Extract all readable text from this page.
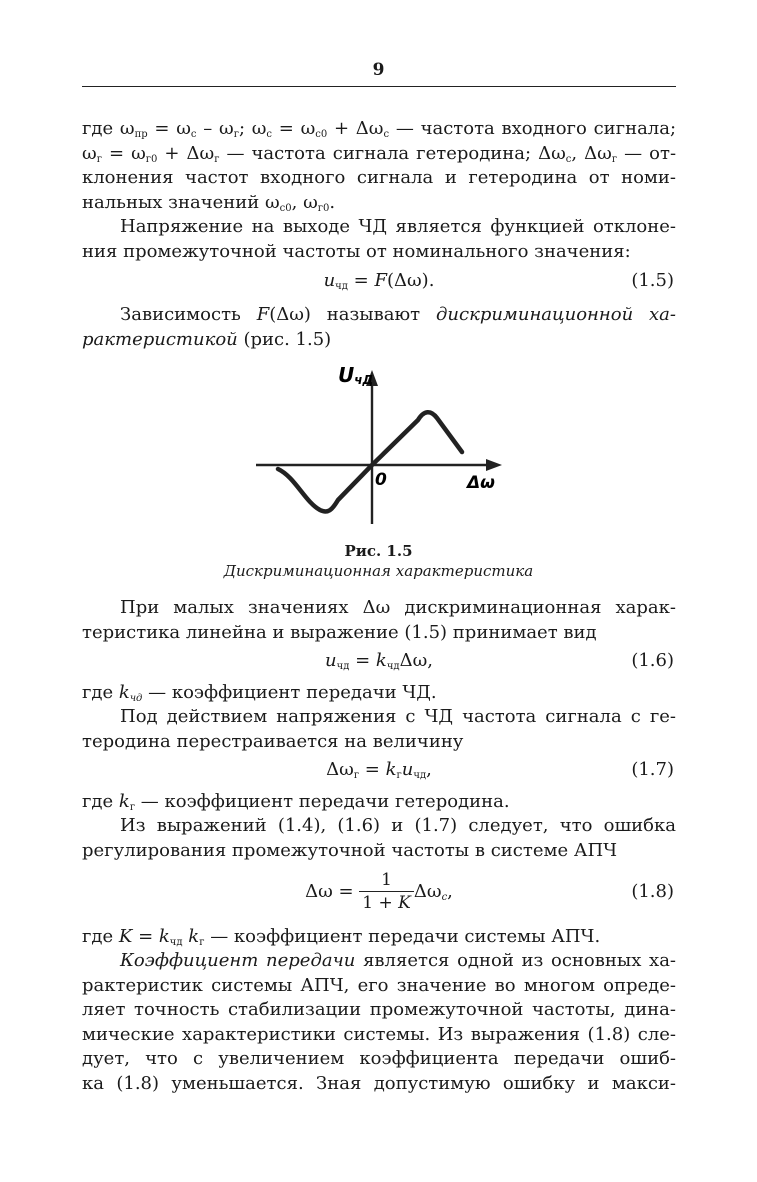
9
где $\omega_{пр} = \omega_с - \omega_г$; $\omega_с = \omega_{с0} + \Delta\omega_с$ — частота входного сигнала;
$\omega_г = \omega_{г0} + \Delta\omega_г$ — частота сигнала гетеродина; $\Delta\omega_с$, $\Delta\omega_г$ — от-
клонения частот входного сигнала и гетеродина от номи-
нальных значений $\omega_{с0}$, $\omega_{г0}$.
Напряжение на выходе ЧД является функцией отклоне-
ния промежуточной частоты от номинального значения:
$u_{чд} = F(\Delta\omega)$.	(1.5)
Зависимость F(Δω) называют дискриминационной ха-
рактеристикой (рис. 1.5)
UчД
0	Δω
Рис. 1.5
Дискриминационная характеристика
При малых значениях Δω дискриминационная харак-
теристика линейна и выражение (1.5) принимает вид
$u_{чд} = k_{чд}\Delta\omega$,	(1.6)
где $k_{чд}$ — коэффициент передачи ЧД.
Под действием напряжения с ЧД частота сигнала с ге-
теродина перестраивается на величину
$\Delta\omega_г = k_гu_{чд}$,	(1.7)
где $k_г$ — коэффициент передачи гетеродина.
Из выражений (1.4), (1.6) и (1.7) следует, что ошибка
регулирования промежуточной частоты в системе АПЧ
$\Delta\omega = \frac{1}{1 + K} \Delta\omega_c$,	(1.8)
где $K = k_{чд}$ $k_г$ — коэффициент передачи системы АПЧ.
Коэффициент передачи является одной из основных ха-
рактеристик системы АПЧ, его значение во многом опреде-
ляет точность стабилизации промежуточной частоты, дина-
мические характеристики системы. Из выражения (1.8) сле-
дует, что с увеличением коэффициента передачи ошиб-
ка (1.8) уменьшается. Зная допустимую ошибку и макси-
